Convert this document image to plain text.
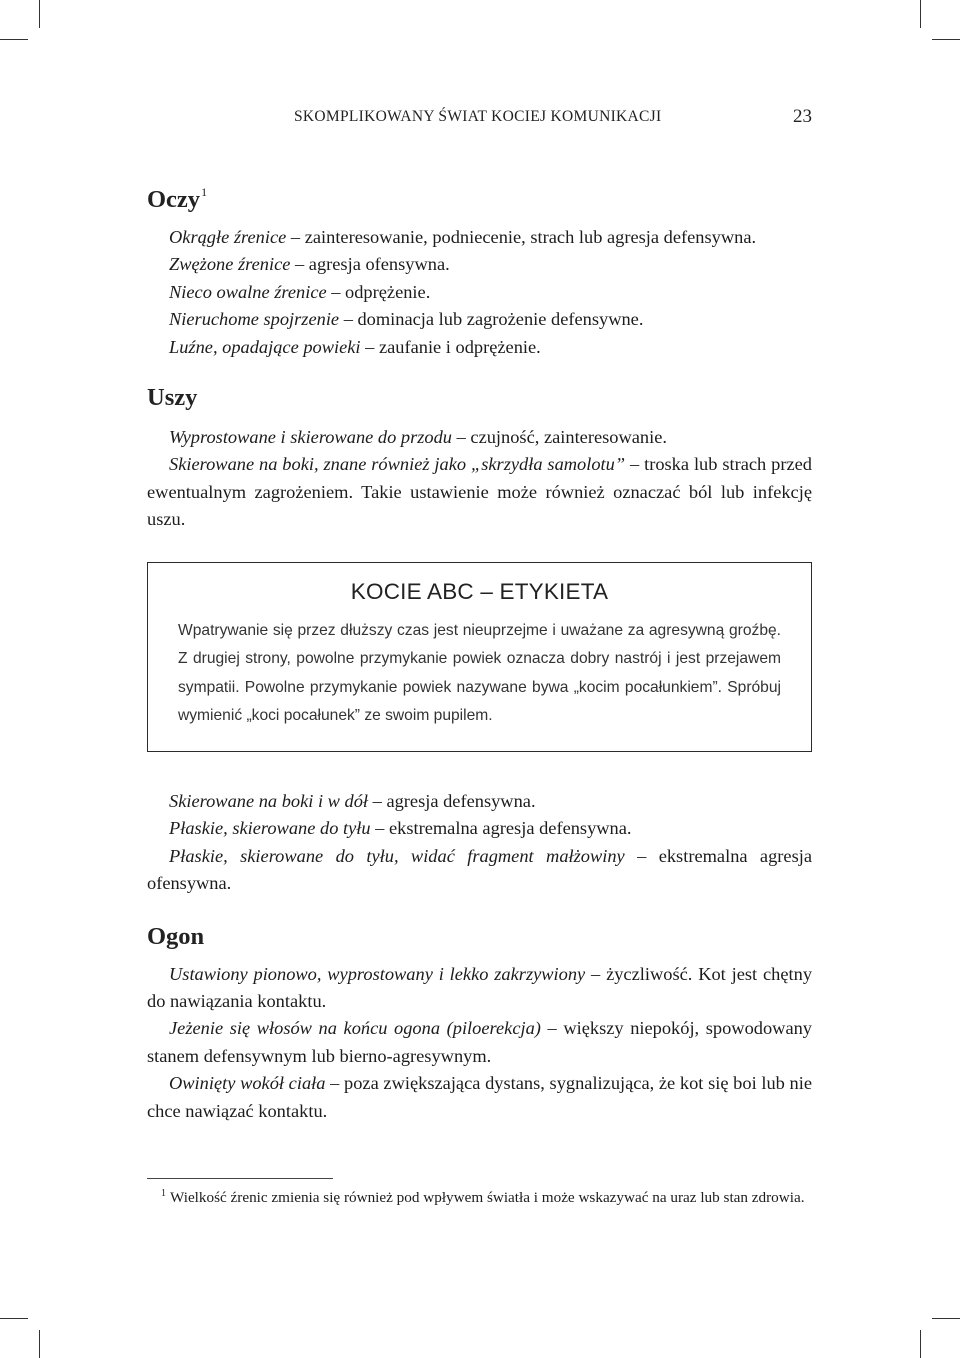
SKOMPLIKOWANY ŚWIAT KOCIEJ KOMUNIKACJI	23
Oczy$^1$

Okrągłe źrenice – zainteresowanie, podniecenie, strach lub agresja defensywna.

Zwężone źrenice – agresja ofensywna.

Nieco owalne źrenice – odprężenie.

Nieruchome spojrzenie – dominacja lub zagrożenie defensywne.

Luźne, opadające powieki – zaufanie i odprężenie.

Uszy

Wyprostowane i skierowane do przodu – czujność, zainteresowanie.

Skierowane na boki, znane również jako „skrzydła samolotu” – troska lub strach przed ewentualnym zagrożeniem. Takie ustawienie może również oznaczać ból lub infekcję uszu.

KOCIE ABC – ETYKIETA
Wpatrywanie się przez dłuższy czas jest nieuprzejme i uważane za agresywną groźbę. Z drugiej strony, powolne przymykanie powiek oznacza dobry nastrój i jest przejawem sympatii. Powolne przymykanie powiek nazywane bywa „kocim pocałunkiem”. Spróbuj wymienić „koci pocałunek” ze swoim pupilem.

Skierowane na boki i w dół – agresja defensywna.

Płaskie, skierowane do tyłu – ekstremalna agresja defensywna.

Płaskie, skierowane do tyłu, widać fragment małżowiny – ekstremalna agresja ofensywna.

Ogon

Ustawiony pionowo, wyprostowany i lekko zakrzywiony – życzliwość. Kot jest chętny do nawiązania kontaktu.

Jeżenie się włosów na końcu ogona (piloerekcja) – większy niepokój, spowodowany stanem defensywnym lub bierno-agresywnym.

Owinięty wokół ciała – poza zwiększająca dystans, sygnalizująca, że kot się boi lub nie chce nawiązać kontaktu.

$^1$ Wielkość źrenic zmienia się również pod wpływem światła i może wskazywać na uraz lub stan zdrowia.
